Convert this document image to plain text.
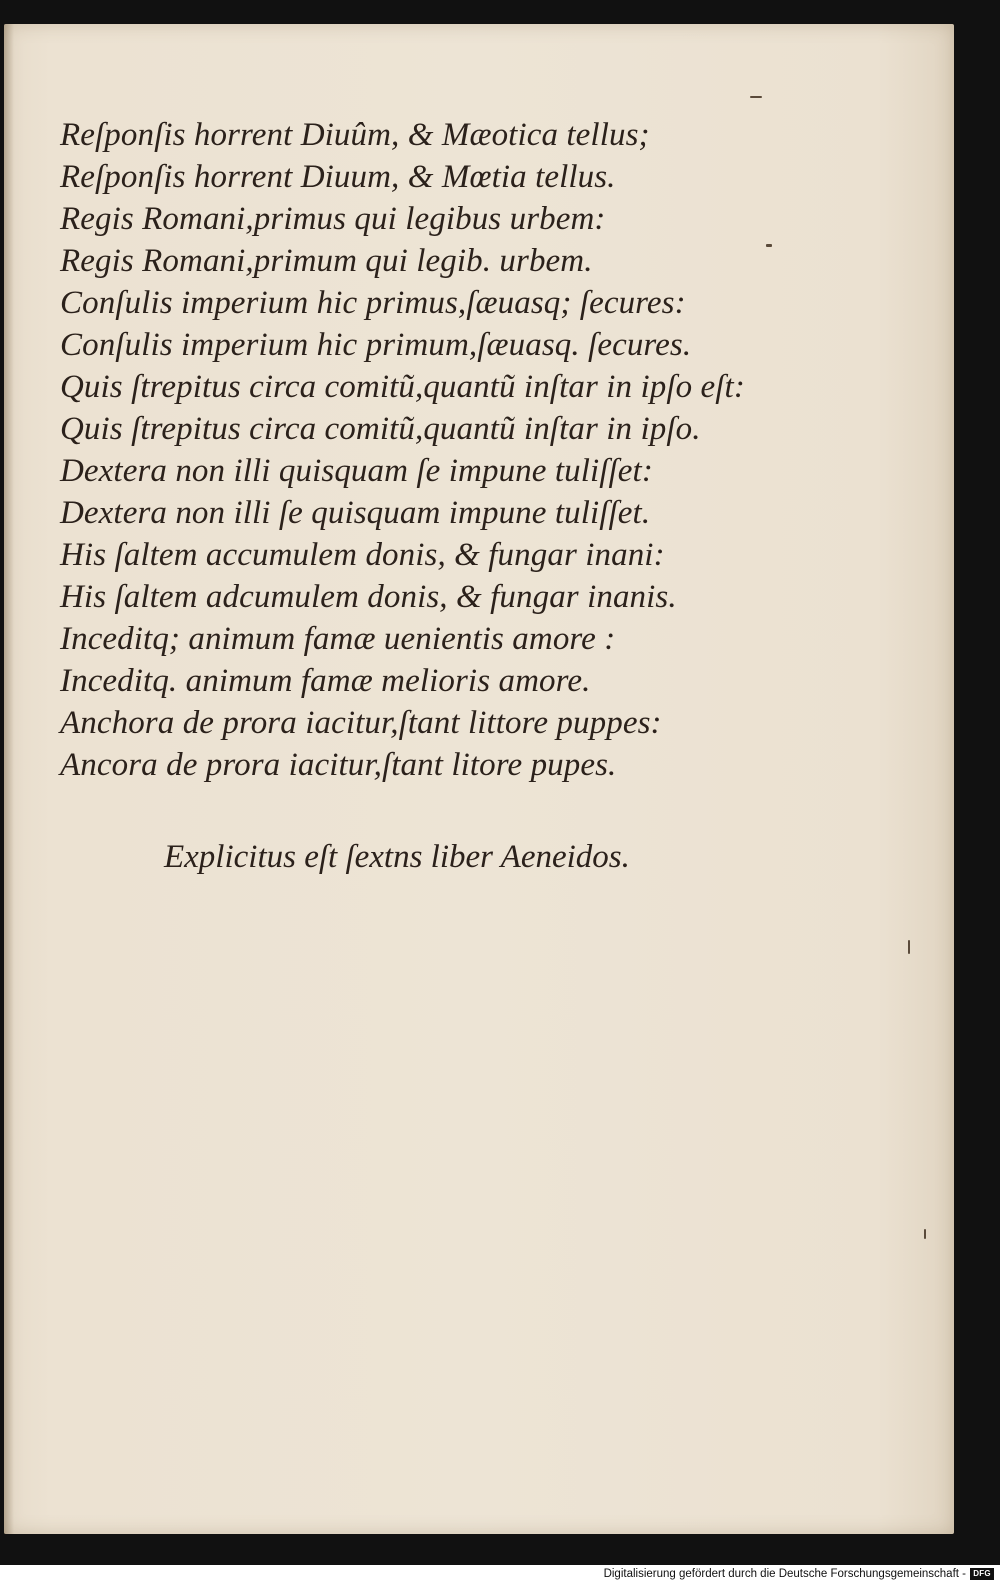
Reſponſis horrent Diuûm, & Mæotica tellus;
Reſponſis horrent Diuum, & Mœtia tellus.
Regis Romani,primus qui legibus urbem:
Regis Romani,primum qui legib. urbem.
Conſulis imperium hic primus,ſæuasq; ſecures:
Conſulis imperium hic primum,ſæuasq. ſecures.
Quis ſtrepitus circa comitũ,quantũ inſtar in ipſo eſt:
Quis ſtrepitus circa comitũ,quantũ inſtar in ipſo.
Dextera non illi quisquam ſe impune tuliſſet:
Dextera non illi ſe quisquam impune tuliſſet.
His ſaltem accumulem donis, & fungar inani:
His ſaltem adcumulem donis, & fungar inanis.
Inceditq; animum famæ uenientis amore :
Inceditq. animum famæ melioris amore.
Anchora de prora iacitur,ſtant littore puppes:
Ancora de prora iacitur,ſtant litore pupes.
Explicitus eſt ſextns liber Aeneidos.
Digitalisierung gefördert durch die Deutsche Forschungsgemeinschaft - DFG
